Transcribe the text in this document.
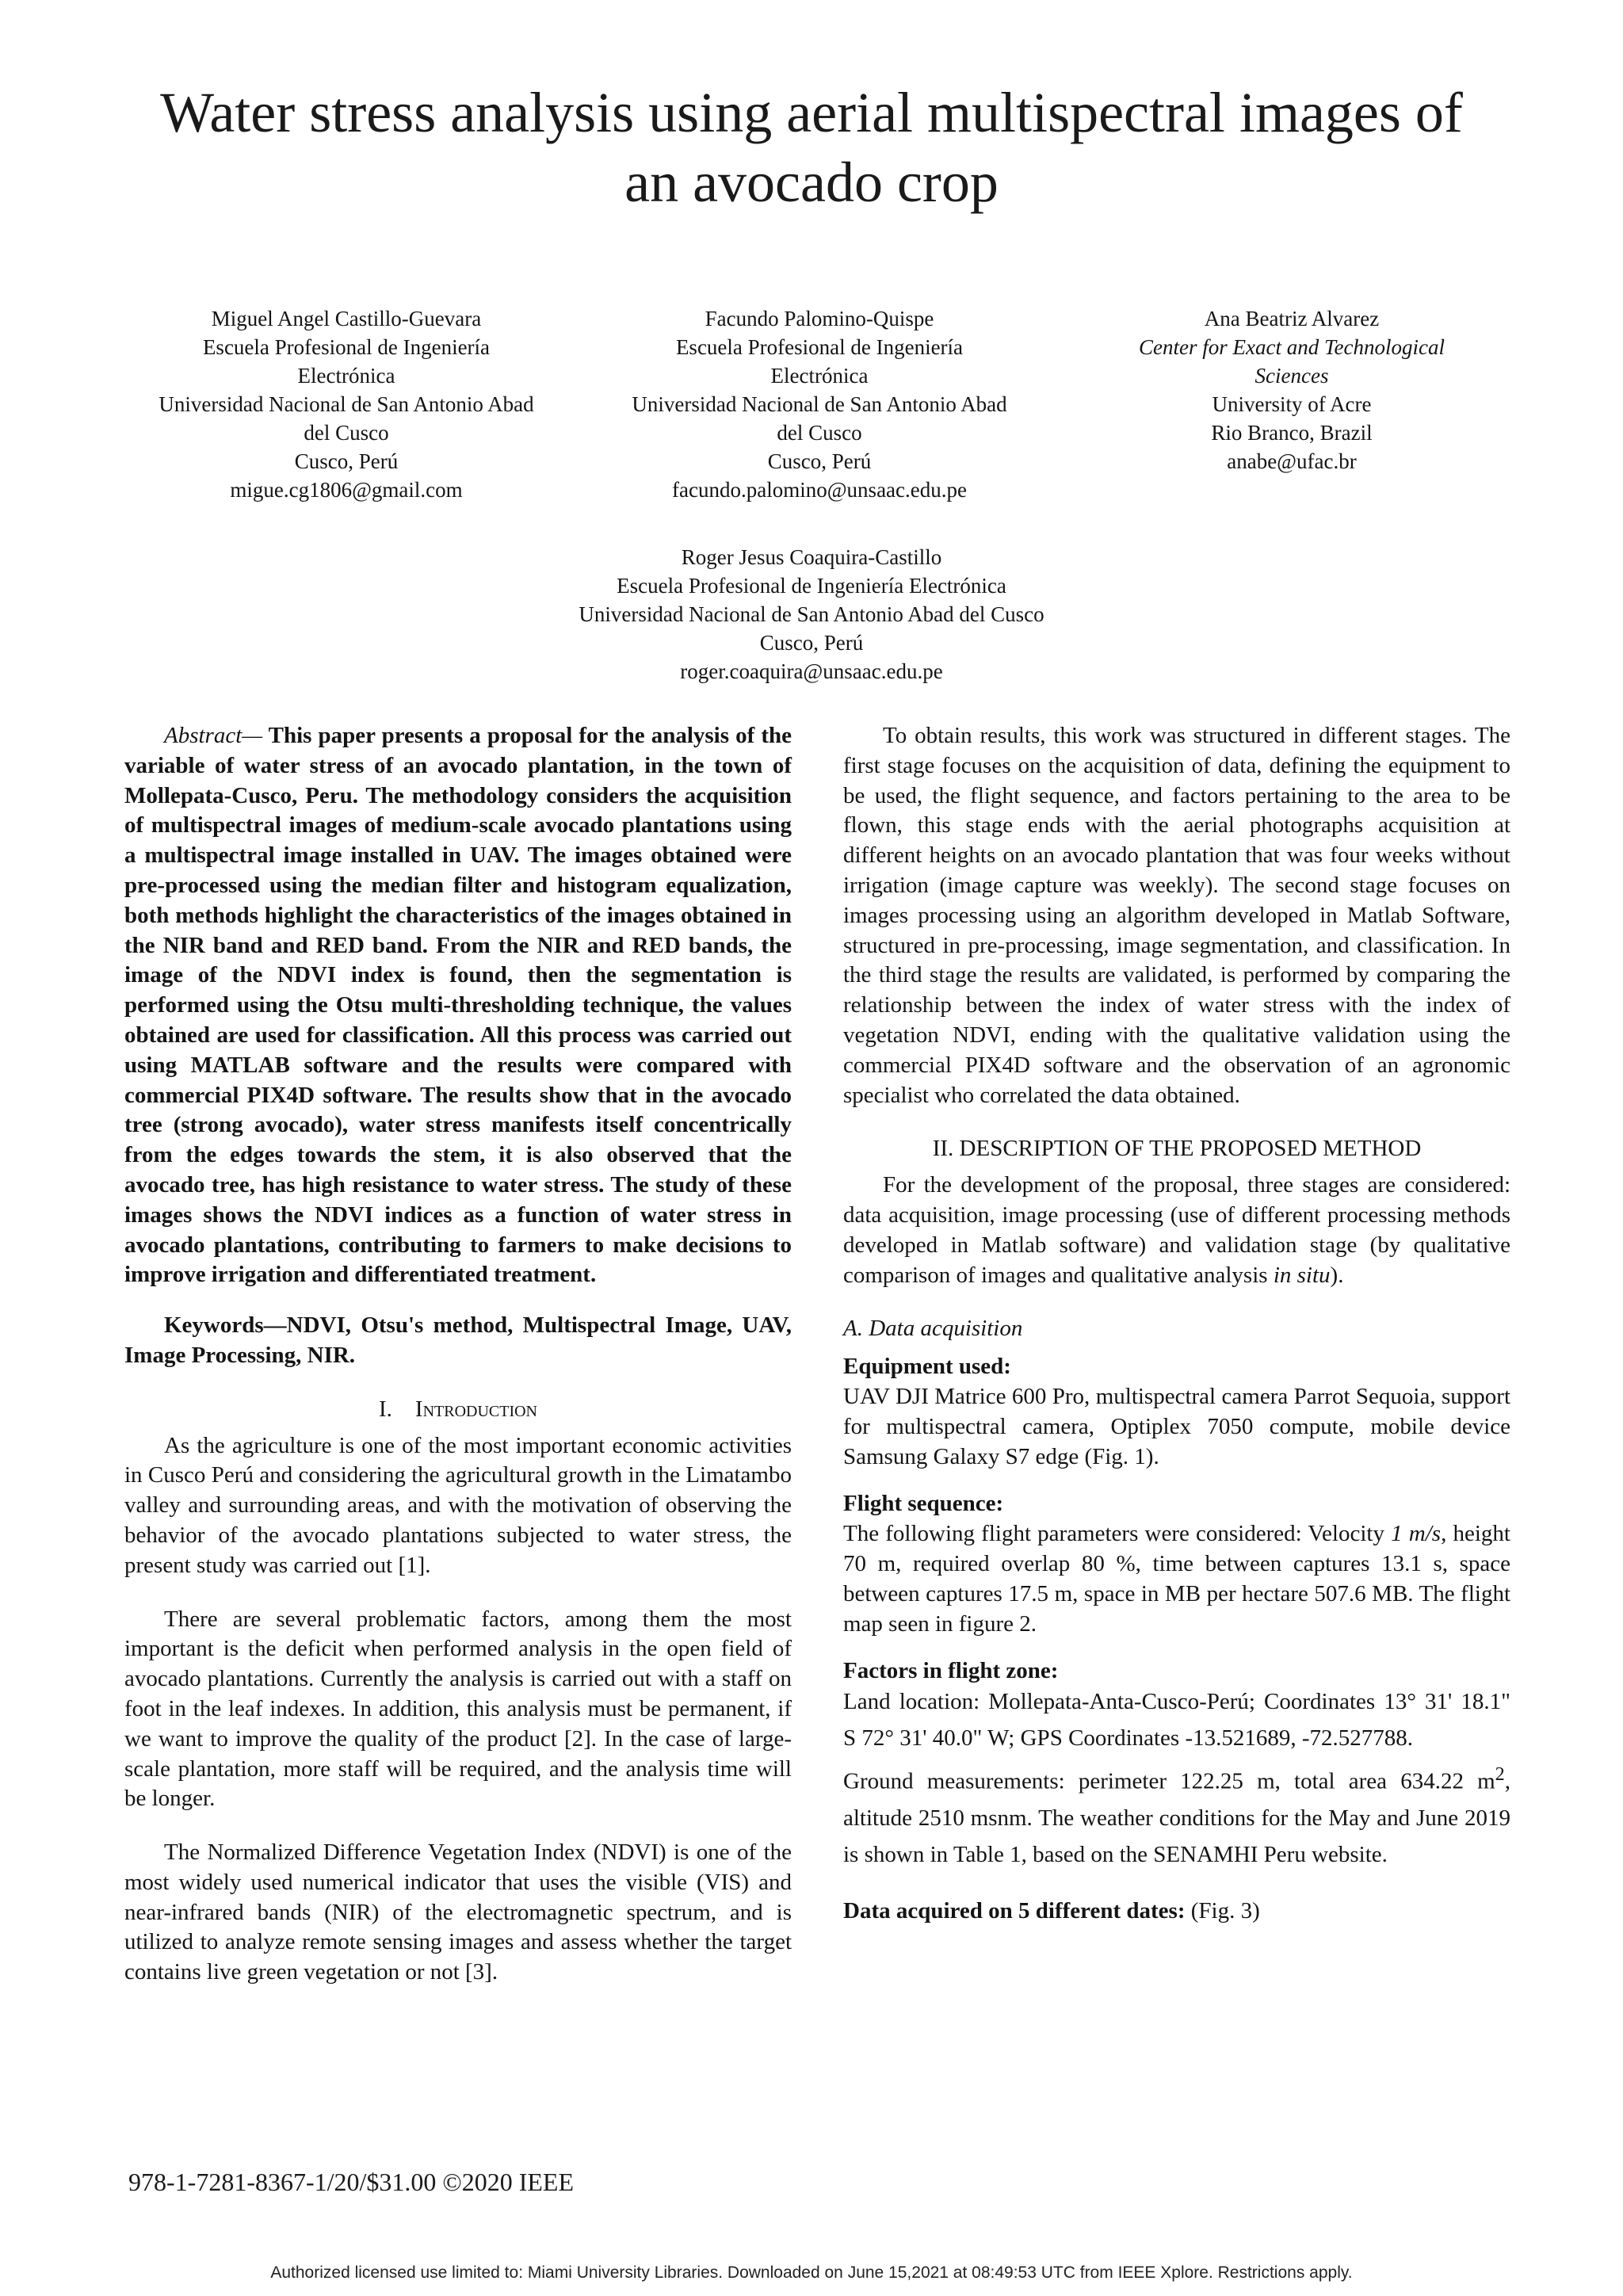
Water stress analysis using aerial multispectral images of
an avocado crop
Miguel Angel Castillo-Guevara
Escuela Profesional de Ingeniería
Electrónica
Universidad Nacional de San Antonio Abad
del Cusco
Cusco, Perú
migue.cg1806@gmail.com
Facundo Palomino-Quispe
Escuela Profesional de Ingeniería
Electrónica
Universidad Nacional de San Antonio Abad
del Cusco
Cusco, Perú
facundo.palomino@unsaac.edu.pe
Ana Beatriz Alvarez
Center for Exact and Technological
Sciences
University of Acre
Rio Branco, Brazil
anabe@ufac.br
Roger Jesus Coaquira-Castillo
Escuela Profesional de Ingeniería Electrónica
Universidad Nacional de San Antonio Abad del Cusco
Cusco, Perú
roger.coaquira@unsaac.edu.pe

Abstract— This paper presents a proposal for the analysis of the variable of water stress of an avocado plantation, in the town of Mollepata-Cusco, Peru. The methodology considers the acquisition of multispectral images of medium-scale avocado plantations using a multispectral image installed in UAV. The images obtained were pre-processed using the median filter and histogram equalization, both methods highlight the characteristics of the images obtained in the NIR band and RED band. From the NIR and RED bands, the image of the NDVI index is found, then the segmentation is performed using the Otsu multi-thresholding technique, the values obtained are used for classification. All this process was carried out using MATLAB software and the results were compared with commercial PIX4D software. The results show that in the avocado tree (strong avocado), water stress manifests itself concentrically from the edges towards the stem, it is also observed that the avocado tree, has high resistance to water stress. The study of these images shows the NDVI indices as a function of water stress in avocado plantations, contributing to farmers to make decisions to improve irrigation and differentiated treatment.

Keywords—NDVI, Otsu's method, Multispectral Image, UAV, Image Processing, NIR.

I. Introduction

As the agriculture is one of the most important economic activities in Cusco Perú and considering the agricultural growth in the Limatambo valley and surrounding areas, and with the motivation of observing the behavior of the avocado plantations subjected to water stress, the present study was carried out [1].

There are several problematic factors, among them the most important is the deficit when performed analysis in the open field of avocado plantations. Currently the analysis is carried out with a staff on foot in the leaf indexes. In addition, this analysis must be permanent, if we want to improve the quality of the product [2]. In the case of large-scale plantation, more staff will be required, and the analysis time will be longer.

The Normalized Difference Vegetation Index (NDVI) is one of the most widely used numerical indicator that uses the visible (VIS) and near-infrared bands (NIR) of the electromagnetic spectrum, and is utilized to analyze remote sensing images and assess whether the target contains live green vegetation or not [3].

To obtain results, this work was structured in different stages. The first stage focuses on the acquisition of data, defining the equipment to be used, the flight sequence, and factors pertaining to the area to be flown, this stage ends with the aerial photographs acquisition at different heights on an avocado plantation that was four weeks without irrigation (image capture was weekly). The second stage focuses on images processing using an algorithm developed in Matlab Software, structured in pre-processing, image segmentation, and classification. In the third stage the results are validated, is performed by comparing the relationship between the index of water stress with the index of vegetation NDVI, ending with the qualitative validation using the commercial PIX4D software and the observation of an agronomic specialist who correlated the data obtained.

II. DESCRIPTION OF THE PROPOSED METHOD

For the development of the proposal, three stages are considered: data acquisition, image processing (use of different processing methods developed in Matlab software) and validation stage (by qualitative comparison of images and qualitative analysis in situ).

A. Data acquisition

Equipment used:

UAV DJI Matrice 600 Pro, multispectral camera Parrot Sequoia, support for multispectral camera, Optiplex 7050 compute, mobile device Samsung Galaxy S7 edge (Fig. 1).

Flight sequence:

The following flight parameters were considered: Velocity 1 m/s, height 70 m, required overlap 80 %, time between captures 13.1 s, space between captures 17.5 m, space in MB per hectare 507.6 MB. The flight map seen in figure 2.

Factors in flight zone:

Land location: Mollepata-Anta-Cusco-Perú; Coordinates 13° 31' 18.1" S 72° 31' 40.0" W; GPS Coordinates -13.521689, -72.527788.

Ground measurements: perimeter 122.25 m, total area 634.22 $m^2$, altitude 2510 msnm. The weather conditions for the May and June 2019 is shown in Table 1, based on the SENAMHI Peru website.

Data acquired on 5 different dates: (Fig. 3)

978-1-7281-8367-1/20/$31.00 ©2020 IEEE
Authorized licensed use limited to: Miami University Libraries. Downloaded on June 15,2021 at 08:49:53 UTC from IEEE Xplore. Restrictions apply.
